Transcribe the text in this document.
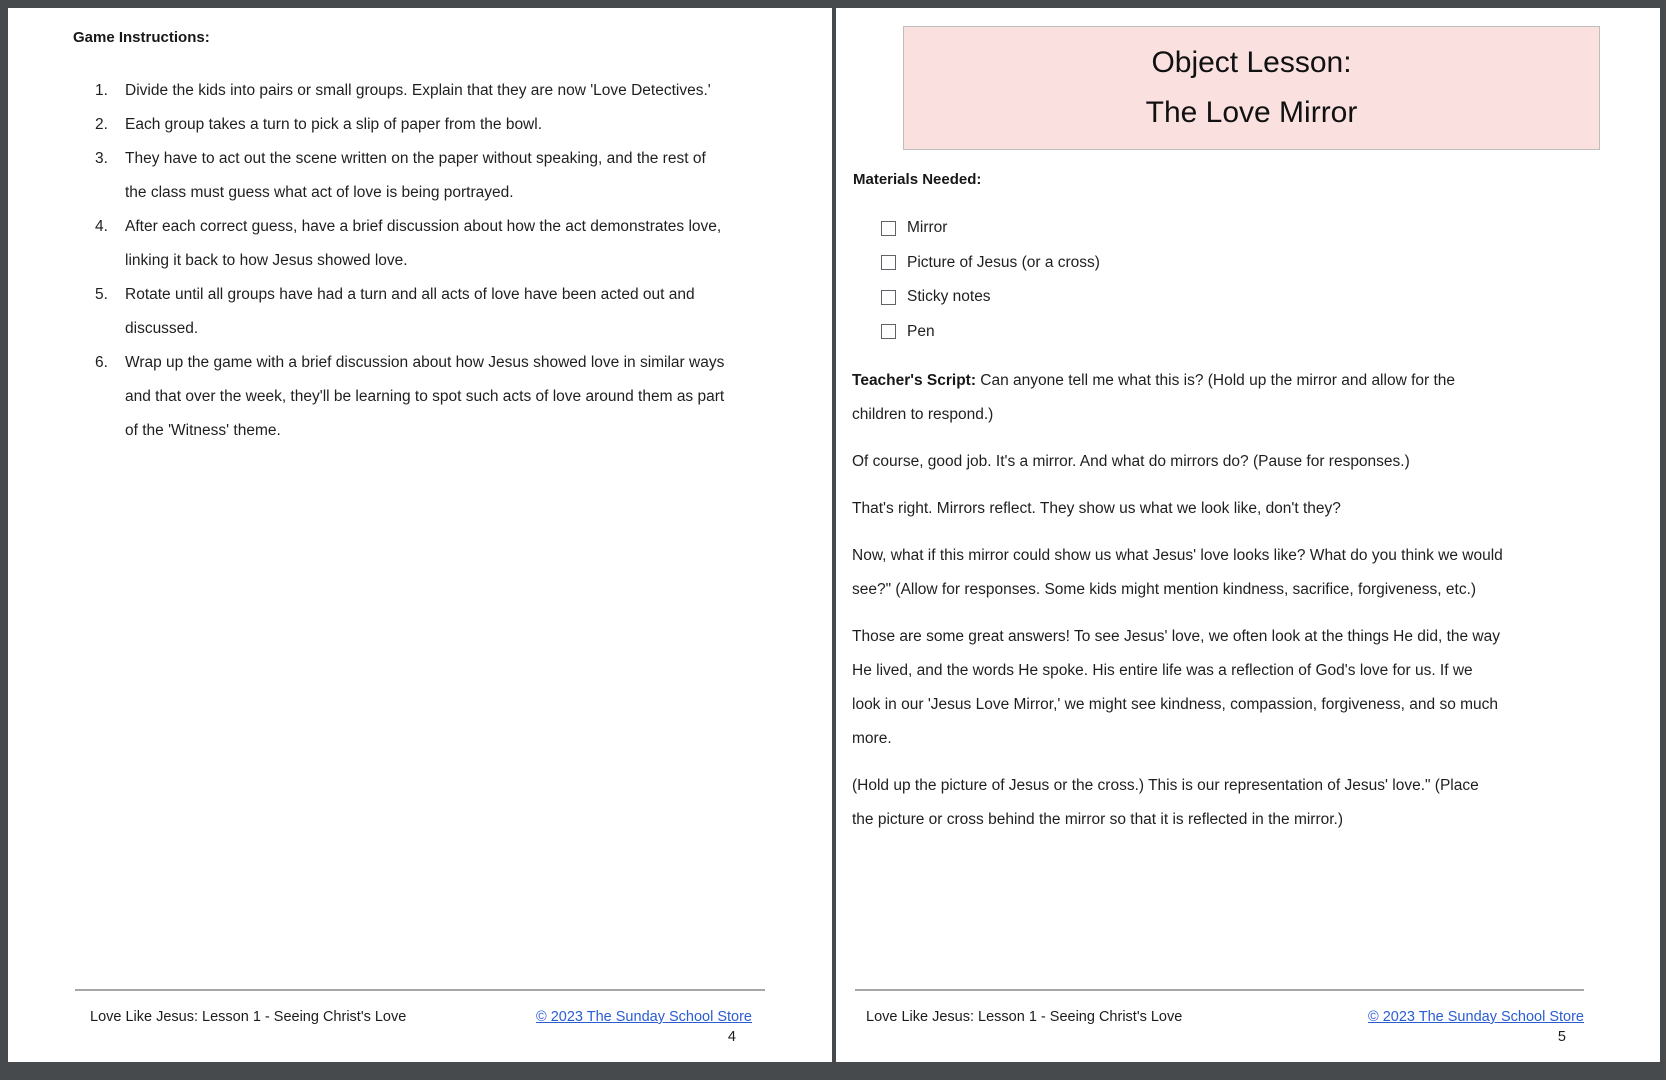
Game Instructions:
Divide the kids into pairs or small groups. Explain that they are now 'Love Detectives.'
Each group takes a turn to pick a slip of paper from the bowl.
They have to act out the scene written on the paper without speaking, and the rest of the class must guess what act of love is being portrayed.
After each correct guess, have a brief discussion about how the act demonstrates love, linking it back to how Jesus showed love.
Rotate until all groups have had a turn and all acts of love have been acted out and discussed.
Wrap up the game with a brief discussion about how Jesus showed love in similar ways and that over the week, they'll be learning to spot such acts of love around them as part of the 'Witness' theme.
Love Like Jesus: Lesson 1 - Seeing Christ's Love	© 2023 The Sunday School Store
4
Object Lesson:
The Love Mirror
Materials Needed:
Mirror
Picture of Jesus (or a cross)
Sticky notes
Pen

Teacher's Script: Can anyone tell me what this is? (Hold up the mirror and allow for the children to respond.)

Of course, good job. It's a mirror. And what do mirrors do? (Pause for responses.)

That's right. Mirrors reflect. They show us what we look like, don't they?

Now, what if this mirror could show us what Jesus' love looks like? What do you think we would see?" (Allow for responses. Some kids might mention kindness, sacrifice, forgiveness, etc.)

Those are some great answers! To see Jesus' love, we often look at the things He did, the way He lived, and the words He spoke. His entire life was a reflection of God's love for us. If we look in our 'Jesus Love Mirror,' we might see kindness, compassion, forgiveness, and so much more.

(Hold up the picture of Jesus or the cross.) This is our representation of Jesus' love." (Place the picture or cross behind the mirror so that it is reflected in the mirror.)

Love Like Jesus: Lesson 1 - Seeing Christ's Love	© 2023 The Sunday School Store
5
